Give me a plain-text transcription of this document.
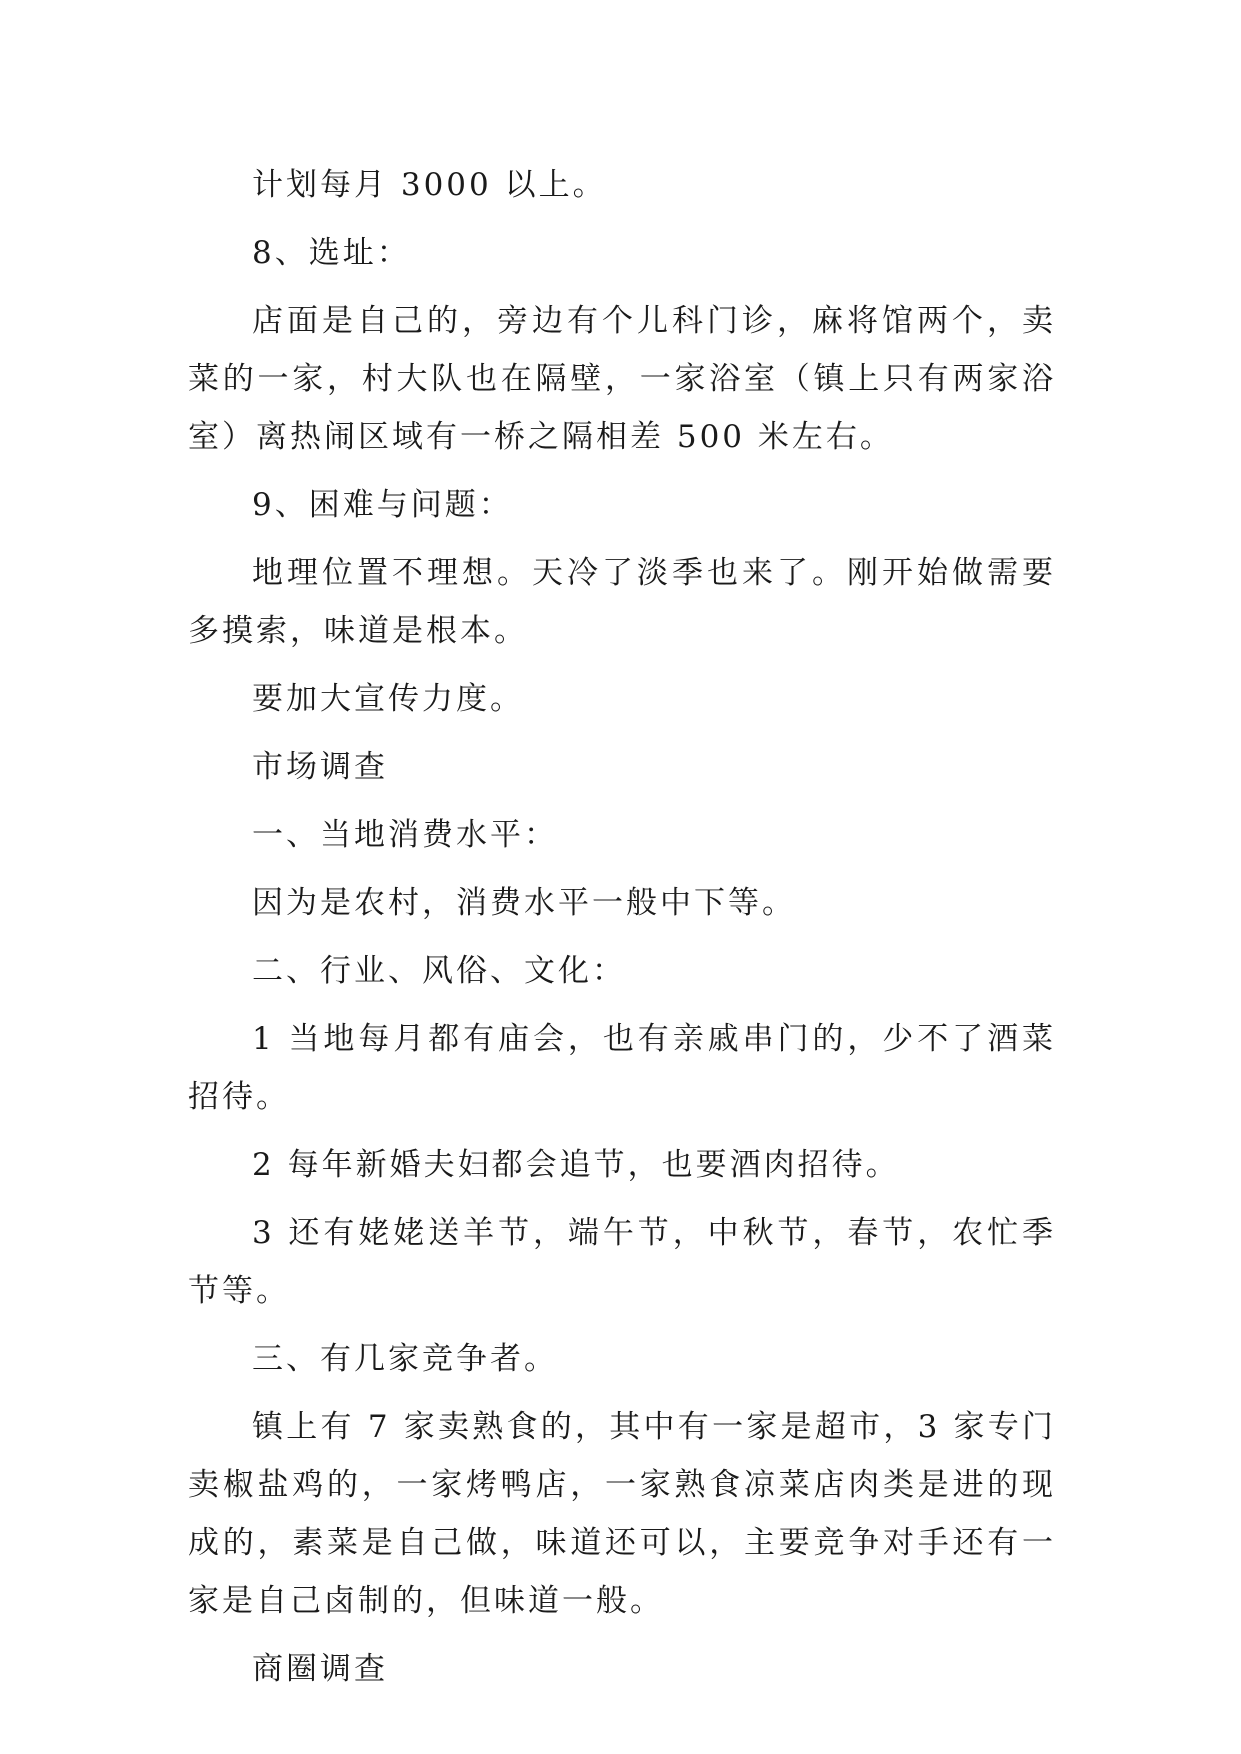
计划每月 3000 以上。

8、选址：

店面是自己的，旁边有个儿科门诊，麻将馆两个，卖菜的一家，村大队也在隔壁，一家浴室（镇上只有两家浴室）离热闹区域有一桥之隔相差 500 米左右。

9、困难与问题：

地理位置不理想。天冷了淡季也来了。刚开始做需要多摸索，味道是根本。

要加大宣传力度。

市场调查

一、当地消费水平：

因为是农村，消费水平一般中下等。

二、行业、风俗、文化：

1 当地每月都有庙会，也有亲戚串门的，少不了酒菜招待。

2 每年新婚夫妇都会追节，也要酒肉招待。

3 还有姥姥送羊节，端午节，中秋节，春节，农忙季节等。

三、有几家竞争者。

镇上有 7 家卖熟食的，其中有一家是超市，3 家专门卖椒盐鸡的，一家烤鸭店，一家熟食凉菜店肉类是进的现成的，素菜是自己做，味道还可以，主要竞争对手还有一家是自己卤制的，但味道一般。

商圈调查
